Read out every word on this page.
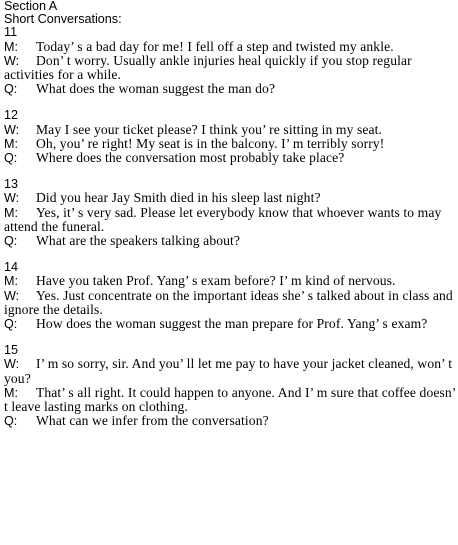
Section A
Short Conversations:
11
M: Today’ s a bad day for me! I fell off a step and twisted my ankle.
W: Don’ t worry. Usually ankle injuries heal quickly if you stop regular activities for a while.
Q: What does the woman suggest the man do?
12
W: May I see your ticket please? I think you’ re sitting in my seat.
M: Oh, you’ re right! My seat is in the balcony. I’ m terribly sorry!
Q: Where does the conversation most probably take place?
13
W: Did you hear Jay Smith died in his sleep last night?
M: Yes, it’ s very sad. Please let everybody know that whoever wants to may attend the funeral.
Q: What are the speakers talking about?
14
M: Have you taken Prof. Yang’ s exam before? I’ m kind of nervous.
W: Yes. Just concentrate on the important ideas she’ s talked about in class and ignore the details.
Q: How does the woman suggest the man prepare for Prof. Yang’ s exam?
15
W: I’ m so sorry, sir. And you’ ll let me pay to have your jacket cleaned, won’ t you?
M: That’ s all right. It could happen to anyone. And I’ m sure that coffee doesn’ t leave lasting marks on clothing.
Q: What can we infer from the conversation?
